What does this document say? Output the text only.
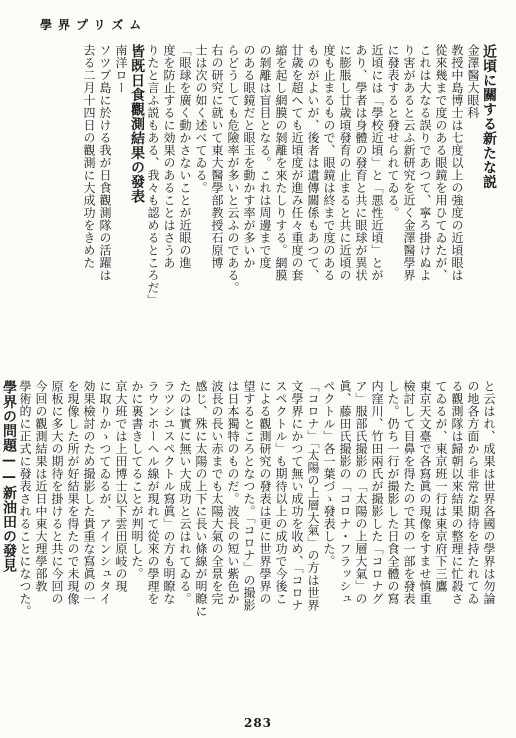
學界プリズム
近頃に關する新たな説
金澤醫大眼科
教授中島博士は七度以上の強度の近頃眼は
從來幾まで度のある眼鏡を用ひてゐたが、
これは大なる誤りであつて、寧ろ掛けぬよ
り害があると云ふ新研究を近く金澤醫學界
に發表すると發せられてゐる。
近頃には「學校近頃」と「悪性近頃」とが
あり、學者は身體の發育と共に眼球が異状
に膨脹し廿歳頃發育の止まると共に近頃の
度も止まるもので、眼鏡は終まで度のある
ものがよいが、後者は遺傳關係もあつて、
廿歳を超へても近頃度が進み任々重度の套
縮を起し網膜の剝離を來たしりする。網膜
の剝離は盲目となる。これは周邊まで度
のある眼鏡だと眼玉を動かす率が多いか
らどうしても危險率が多いと云ふのである。
右の研究に就いて東大醫學部教授石原博
士は次の如く述べてゐる。
「眼球を廣く動かさないことが近眼の進
度を防止するに効果のあることはさうあ
りたと言ふ説もある、我々も認めるところだ」
皆既日食觀測結果の發表
南洋ロー
ソツプ島に於ける我が日食觀測隊の活躍は
去る二月十四日の觀測に大成功をきめた
と云はれ、成果は世界各國の學界は勿論
の地各方面から非常な期待を持たれてゐ
る觀測隊は歸朝以來結果の整理に忙殺さ
てゐるが、東京班一行は東京府下三鷹
東京天文臺で各寫眞の現像をすませ慎重
檢討して目鼻を得たので其の一部を發表
した。仍ち一行が撮影した日食全體の寫
内窪川、竹田兩氏が撮影した「コロナグ
ア」服部氏撮影の「太陽の上層大氣」の
眞、藤田氏撮影の「コロナ・フラッシュ
ペクトル」各一葉づゝ發表した。
「コロナ」「太陽の上層大氣」の方は世界
文學界にかつて無い成功を收め、「コロナ
スペクトル」も期待以上の成功で今後こ
による觀測研究の發表は更に世界學界の
望するところとなつた。「コロナ」の撮影
は日本獨特のものだ。波長の短い紫色か
波長の長い赤までも太陽大氣の全景を完
感じ、殊に太陽の上下に長い條線が明瞭に
たのは實に無い大成功と云はれてゐる。
ラツシユスペクトル寫眞」の方も明瞭な
ラウンホーヘル線が現れて從來の學理を
かに裏書きしてることが判明した。
京大班では上田博士以下雲田原岐の現
に取りかゝつてゐるが、アインシュタイ
効果檢討のため撮影した貴重な寫眞の一
を現像した所が好結果を得たので未現像
原板に多大の期待を掛けると共に今回の
今回の觀測結果は近日中東大理學部教
學術的に正式に發表されることになつた。
學界の問題——新油田の發見
283
